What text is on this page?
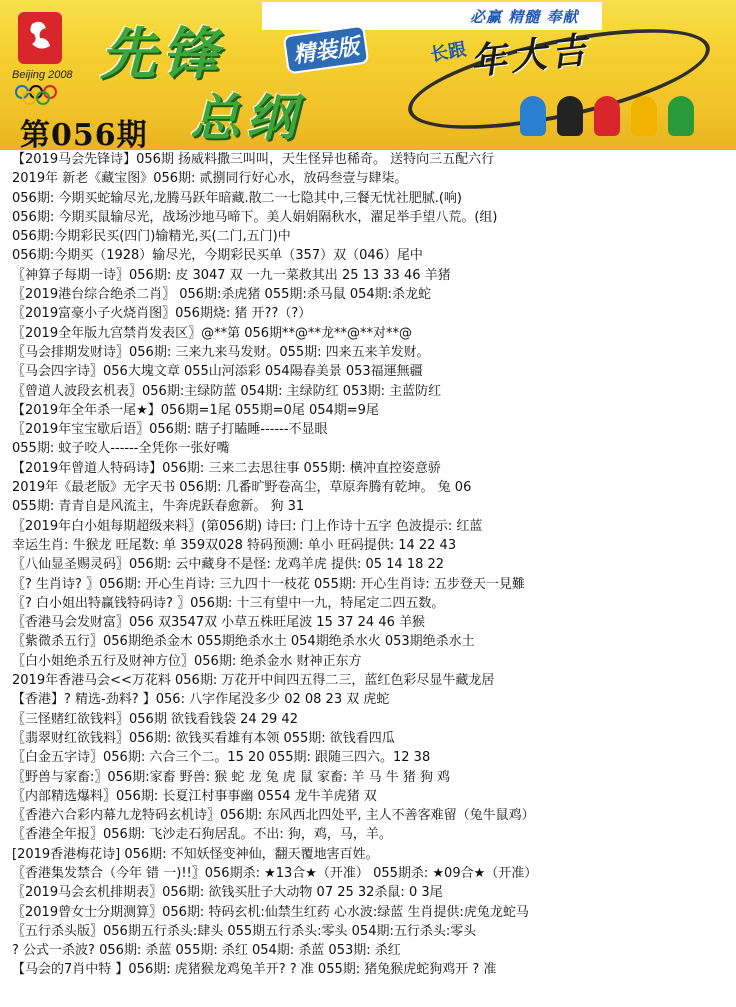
Beijing 2008 先锋
总纲
精装版
必赢 精髓 奉献
长跟 年大吉
第056期

【2019马会先锋诗】056期 扬威料撒三叫叫，天生怪异也稀奇。 送特向三五配六行
2019年 新老《藏宝图》056期: 贰捌同行好心水，放码叁壹与肆柒。
056期: 今期买蛇输尽光,龙腾马跃年暗藏.散二一七隐其中,三餐无忧社肥腻.(响)
056期: 今期买鼠输尽光，战场沙地马啼下。美人娟娟隔秋水，濯足举手望八荒。(组)
056期:今期彩民买(四门)输精光,买(二门,五门)中
056期:今期买（1928）输尽光，今期彩民买单（357）双（046）尾中
〖神算子每期一诗〗056期: 皮 3047 双 一九一菜救其出 25 13 33 46 羊猪
〖2019港台综合绝杀二肖〗 056期:杀虎猪 055期:杀马鼠 054期:杀龙蛇
〖2019富豪小子火烧肖图〗056期烧: 猪 开??（?）
〖2019全年版九宫禁肖发表区〗@**第 056期**@**龙**@**对**@
〖马会排期发财诗〗056期: 三来九来马发财。055期: 四来五来羊发财。
〖马会四字诗〗056大塊文章 055山河添彩 054陽春美景 053福運無疆
〖曾道人波段玄机表〗056期:主绿防蓝 054期: 主绿防红 053期: 主蓝防红
【2019年全年杀一尾★】056期=1尾 055期=0尾 054期=9尾
〖2019年宝宝歇后语〗056期: 瞎子打瞌睡------不显眼
055期: 蚊子咬人------全凭你一张好嘴
【2019年曾道人特码诗】056期: 三来二去思往事 055期: 横冲直控姿意骄
2019年《最老版》无字天书 056期: 几番旷野卷高尘，草原奔腾有乾坤。 兔 06
055期: 青青自是风流主，牛奔虎跃春愈新。 狗 31
〖2019年白小姐每期超级来料〗(第056期) 诗曰: 门上作诗十五字 色波提示: 红蓝
幸运生肖: 牛猴龙 旺尾数: 单 359双028 特码预测: 单小 旺码提供: 14 22 43
〖八仙显圣赐灵码〗056期: 云中藏身不是怪: 龙鸡羊虎 提供: 05 14 18 22
〖? 生肖诗? 〗056期: 开心生肖诗: 三九四十一枝花 055期: 开心生肖诗: 五步登天一見難
〖? 白小姐出特赢钱特码诗? 〗056期: 十三有望中一九，特尾定二四五数。
〖香港马会发财富〗056 双3547双 小草五株旺尾波 15 37 24 46 羊猴
〖紫微杀五行〗056期绝杀金木 055期绝杀水土 054期绝杀水火 053期绝杀水土
〖白小姐绝杀五行及财神方位〗056期: 绝杀金水 财神正东方
2019年香港马会<<万花料 056期: 万花开中间四五得二三，蓝红色彩尽显牛藏龙居
【香港】? 精选-劲料? 】056: 八字作尾没多少 02 08 23 双 虎蛇
〖三怪赌红欲钱料〗056期 欲钱看钱袋 24 29 42
〖翡翠财红欲钱料〗056期: 欲钱买看雄有本领 055期: 欲钱看四瓜
〖白金五字诗〗056期: 六合三个二。15 20 055期: 跟随三四六。12 38
〖野兽与家畜:〗056期:家畜 野兽: 猴 蛇 龙 兔 虎 鼠 家畜: 羊 马 牛 猪 狗 鸡
〖内部精选爆料〗056期: 长夏江村事事幽 0554 龙牛羊虎猪 双
〖香港六合彩内幕九龙特码玄机诗〗056期: 东风西北四处平, 主人不善客难留（兔牛鼠鸡）
〖香港全年报〗056期: 飞沙走石狗居乱。不出: 狗，鸡，马，羊。
[2019香港梅花诗] 056期: 不知妖怪变神仙，翻天覆地害百姓。
〖香港集发禁合（今年 错 一)!!〗056期杀: ★13合★（开准） 055期杀: ★09合★（开准）
〖2019马会玄机排期表〗056期: 欲钱买肚子大动物 07 25 32杀鼠: 0 3尾
〖2019曾女士分期测算〗056期: 特码玄机:仙禁生红药 心水波:绿蓝 生肖提供:虎兔龙蛇马
〖五行杀头版〗056期五行杀头:肆头 055期五行杀头:零头 054期:五行杀头:零头
? 公式一杀波? 056期: 杀蓝 055期: 杀红 054期: 杀蓝 053期: 杀红
【马会的7肖中特 】056期: 虎猪猴龙鸡兔羊开? ? 准 055期: 猪兔猴虎蛇狗鸡开 ? 准
